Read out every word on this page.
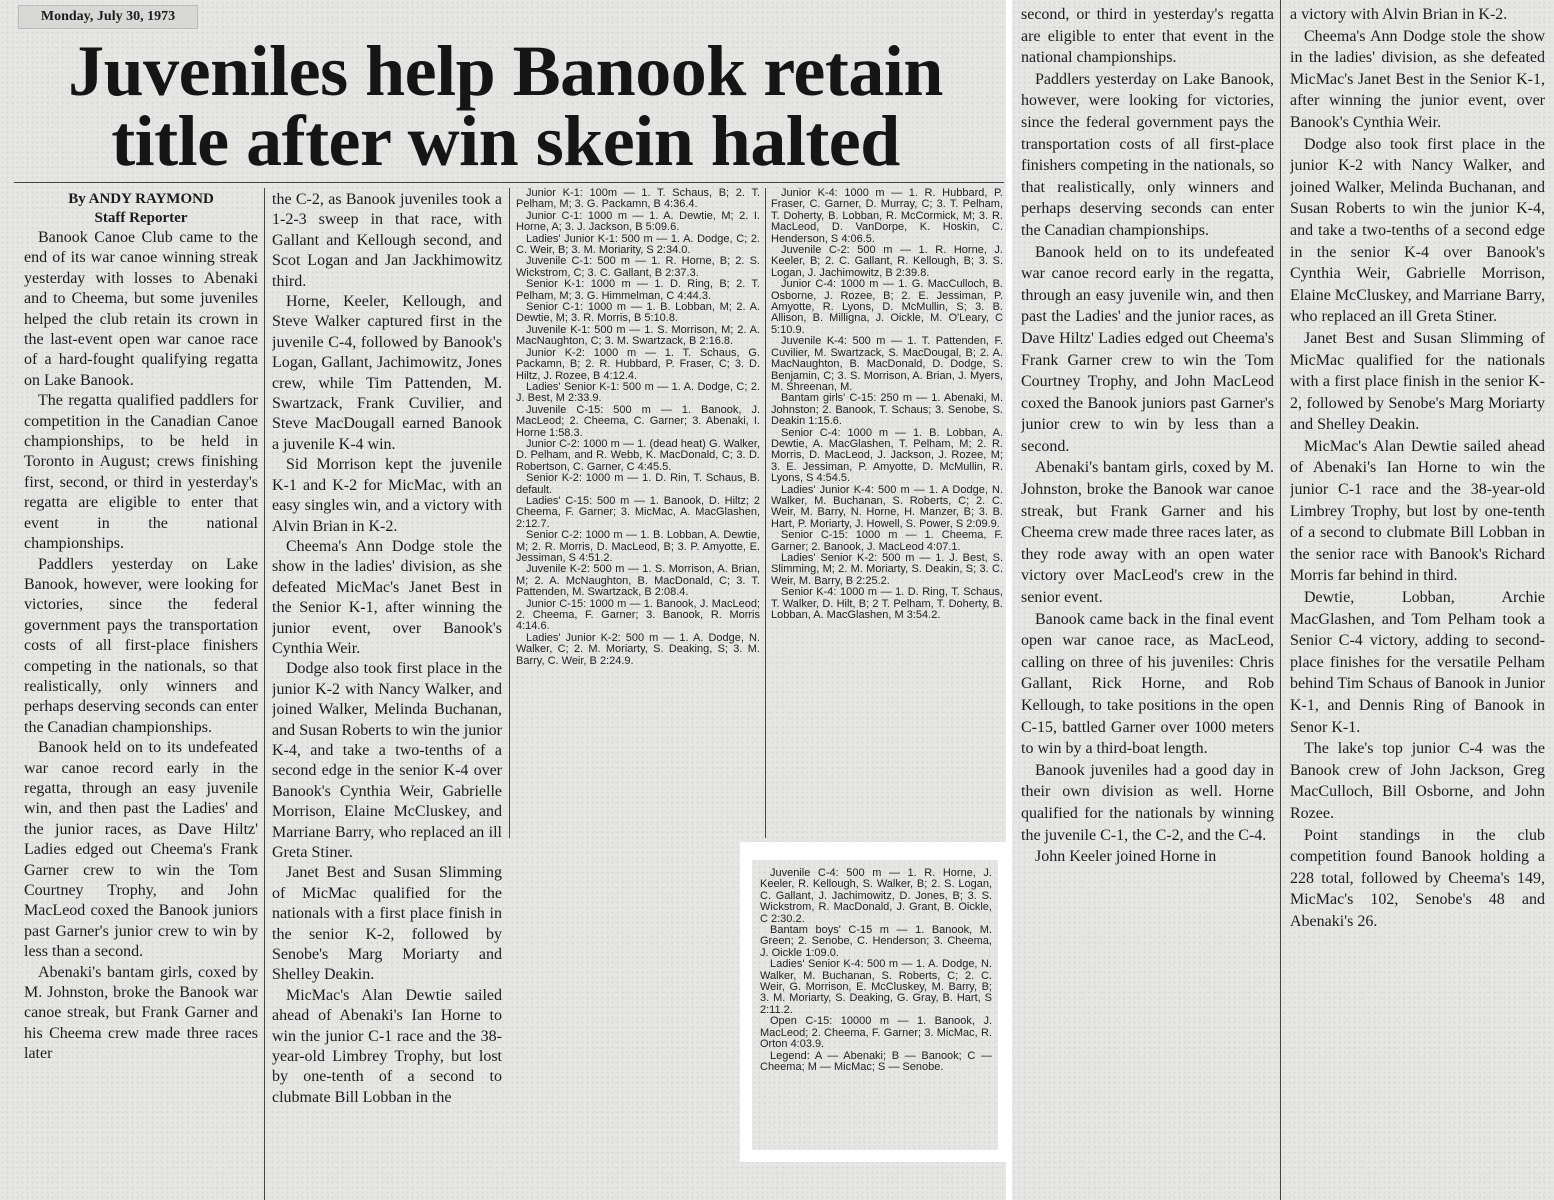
Monday, July 30, 1973
Juveniles help Banook retain
title after win skein halted
By ANDY RAYMOND
Staff Reporter

Banook Canoe Club came to the end of its war canoe winning streak yesterday with losses to Abenaki and to Cheema, but some juveniles helped the club retain its crown in the last-event open war canoe race of a hard-fought qualifying regatta on Lake Banook.

The regatta qualified paddlers for competition in the Canadian Canoe championships, to be held in Toronto in August; crews finishing first, second, or third in yesterday's regatta are eligible to enter that event in the national championships.

Paddlers yesterday on Lake Banook, however, were looking for victories, since the federal government pays the transportation costs of all first-place finishers competing in the nationals, so that realistically, only winners and perhaps deserving seconds can enter the Canadian championships.

Banook held on to its undefeated war canoe record early in the regatta, through an easy juvenile win, and then past the Ladies' and the junior races, as Dave Hiltz' Ladies edged out Cheema's Frank Garner crew to win the Tom Courtney Trophy, and John MacLeod coxed the Banook juniors past Garner's junior crew to win by less than a second.

Abenaki's bantam girls, coxed by M. Johnston, broke the Banook war canoe streak, but Frank Garner and his Cheema crew made three races later

the C-2, as Banook juveniles took a 1-2-3 sweep in that race, with Gallant and Kellough second, and Scot Logan and Jan Jackhimowitz third.

Horne, Keeler, Kellough, and Steve Walker captured first in the juvenile C-4, followed by Banook's Logan, Gallant, Jachimowitz, Jones crew, while Tim Pattenden, M. Swartzack, Frank Cuvilier, and Steve MacDougall earned Banook a juvenile K-4 win.

Sid Morrison kept the juvenile K-1 and K-2 for MicMac, with an easy singles win, and a victory with Alvin Brian in K-2.

Cheema's Ann Dodge stole the show in the ladies' division, as she defeated MicMac's Janet Best in the Senior K-1, after winning the junior event, over Banook's Cynthia Weir.

Dodge also took first place in the junior K-2 with Nancy Walker, and joined Walker, Melinda Buchanan, and Susan Roberts to win the junior K-4, and take a two-tenths of a second edge in the senior K-4 over Banook's Cynthia Weir, Gabrielle Morrison, Elaine McCluskey, and Marriane Barry, who replaced an ill Greta Stiner.

Janet Best and Susan Slimming of MicMac qualified for the nationals with a first place finish in the senior K-2, followed by Senobe's Marg Moriarty and Shelley Deakin.

MicMac's Alan Dewtie sailed ahead of Abenaki's Ian Horne to win the junior C-1 race and the 38-year-old Limbrey Trophy, but lost by one-tenth of a second to clubmate Bill Lobban in the

Junior K-1: 100m — 1. T. Schaus, B; 2. T. Pelham, M; 3. G. Packamn, B 4:36.4.

Junior C-1: 1000 m — 1. A. Dewtie, M; 2. I. Horne, A; 3. J. Jackson, B 5:09.6.

Ladies' Junior K-1: 500 m — 1. A. Dodge, C; 2. C. Weir, B; 3. M. Moriarity, S 2:34.0.

Juvenile C-1: 500 m — 1. R. Horne, B; 2. S. Wickstrom, C; 3. C. Gallant, B 2:37.3.

Senior K-1: 1000 m — 1. D. Ring, B; 2. T. Pelham, M; 3. G. Himmelman, C 4:44.3.

Senior C-1: 1000 m — 1. B. Lobban, M; 2. A. Dewtie, M; 3. R. Morris, B 5:10.8.

Juvenile K-1: 500 m — 1. S. Morrison, M; 2. A. MacNaughton, C; 3. M. Swartzack, B 2:16.8.

Junior K-2: 1000 m — 1. T. Schaus, G. Packamn, B; 2. R. Hubbard, P. Fraser, C; 3. D. Hiltz, J. Rozee, B 4:12.4.

Ladies' Senior K-1: 500 m — 1. A. Dodge, C; 2. J. Best, M 2:33.9.

Juvenile C-15: 500 m — 1. Banook, J. MacLeod; 2. Cheema, C. Garner; 3. Abenaki, I. Horne 1:58.3.

Junior C-2: 1000 m — 1. (dead heat) G. Walker, D. Pelham, and R. Webb, K. MacDonald, C; 3. D. Robertson, C. Garner, C 4:45.5.

Senior K-2: 1000 m — 1. D. Rin, T. Schaus, B. default.

Ladies' C-15: 500 m — 1. Banook, D. Hiltz; 2 Cheema, F. Garner; 3. MicMac, A. MacGlashen, 2:12.7.

Senior C-2: 1000 m — 1. B. Lobban, A. Dewtie, M; 2. R. Morris, D. MacLeod, B; 3. P. Amyotte, E. Jessiman, S 4:51.2.

Juvenile K-2: 500 m — 1. S. Morrison, A. Brian, M; 2. A. McNaughton, B. MacDonald, C; 3. T. Pattenden, M. Swartzack, B 2:08.4.

Junior C-15: 1000 m — 1. Banook, J. MacLeod; 2. Cheema, F. Garner; 3. Banook, R. Morris 4:14.6.

Ladies' Junior K-2: 500 m — 1. A. Dodge, N. Walker, C; 2. M. Moriarty, S. Deaking, S; 3. M. Barry, C. Weir, B 2:24.9.

Junior K-4: 1000 m — 1. R. Hubbard, P. Fraser, C. Garner, D. Murray, C; 3. T. Pelham, T. Doherty, B. Lobban, R. McCormick, M; 3. R. MacLeod, D. VanDorpe, K. Hoskin, C. Henderson, S 4:06.5.

Juvenile C-2: 500 m — 1. R. Horne, J. Keeler, B; 2. C. Gallant, R. Kellough, B; 3. S. Logan, J. Jachimowitz, B 2:39.8.

Junior C-4: 1000 m — 1. G. MacCulloch, B. Osborne, J. Rozee, B; 2. E. Jessiman, P. Amyotte, R. Lyons, D. McMullin, S; 3. B. Allison, B. Milligna, J. Oickle, M. O'Leary, C 5:10.9.

Juvenile K-4: 500 m — 1. T. Pattenden, F. Cuvilier, M. Swartzack, S. MacDougal, B; 2. A. MacNaughton, B. MacDonald, D. Dodge, S. Benjamin, C; 3. S. Morrison, A. Brian, J. Myers, M. Shreenan, M.

Bantam girls' C-15: 250 m — 1. Abenaki, M. Johnston; 2. Banook, T. Schaus; 3. Senobe, S. Deakin 1:15.6.

Senior C-4: 1000 m — 1. B. Lobban, A. Dewtie, A. MacGlashen, T. Pelham, M; 2. R. Morris, D. MacLeod, J. Jackson, J. Rozee, M; 3. E. Jessiman, P. Amyotte, D. McMullin, R. Lyons, S 4:54.5.

Ladies' Junior K-4: 500 m — 1. A Dodge, N. Walker, M. Buchanan, S. Roberts, C; 2. C. Weir, M. Barry, N. Horne, H. Manzer, B; 3. B. Hart, P. Moriarty, J. Howell, S. Power, S 2:09.9.

Senior C-15: 1000 m — 1. Cheema, F. Garner; 2. Banook, J. MacLeod 4:07.1.

Ladies' Senior K-2: 500 m — 1. J. Best, S. Slimming, M; 2. M. Moriarty, S. Deakin, S; 3. C. Weir, M. Barry, B 2:25.2.

Senior K-4: 1000 m — 1. D. Ring, T. Schaus, T. Walker, D. Hilt, B; 2 T. Pelham, T. Doherty, B. Lobban, A. MacGlashen, M 3:54.2.

Juvenile C-4: 500 m — 1. R. Horne, J. Keeler, R. Kellough, S. Walker, B; 2. S. Logan, C. Gallant, J. Jachimowitz, D. Jones, B; 3. S. Wickstrom, R. MacDonald, J. Grant, B. Oickle, C 2:30.2.

Bantam boys' C-15 m — 1. Banook, M. Green; 2. Senobe, C. Henderson; 3. Cheema, J. Oickle 1:09.0.

Ladies' Senior K-4: 500 m — 1. A. Dodge, N. Walker, M. Buchanan, S. Roberts, C; 2. C. Weir, G. Morrison, E. McCluskey, M. Barry, B; 3. M. Moriarty, S. Deaking, G. Gray, B. Hart, S 2:11.2.

Open C-15: 10000 m — 1. Banook, J. MacLeod; 2. Cheema, F. Garner; 3. MicMac, R. Orton 4:03.9.

Legend: A — Abenaki; B — Banook; C — Cheema; M — MicMac; S — Senobe.

second, or third in yesterday's regatta are eligible to enter that event in the national championships.

Paddlers yesterday on Lake Banook, however, were looking for victories, since the federal government pays the transportation costs of all first-place finishers competing in the nationals, so that realistically, only winners and perhaps deserving seconds can enter the Canadian championships.

Banook held on to its undefeated war canoe record early in the regatta, through an easy juvenile win, and then past the Ladies' and the junior races, as Dave Hiltz' Ladies edged out Cheema's Frank Garner crew to win the Tom Courtney Trophy, and John MacLeod coxed the Banook juniors past Garner's junior crew to win by less than a second.

Abenaki's bantam girls, coxed by M. Johnston, broke the Banook war canoe streak, but Frank Garner and his Cheema crew made three races later, as they rode away with an open water victory over MacLeod's crew in the senior event.

Banook came back in the final event open war canoe race, as MacLeod, calling on three of his juveniles: Chris Gallant, Rick Horne, and Rob Kellough, to take positions in the open C-15, battled Garner over 1000 meters to win by a third-boat length.

Banook juveniles had a good day in their own division as well. Horne qualified for the nationals by winning the juvenile C-1, the C-2, and the C-4.

John Keeler joined Horne in

a victory with Alvin Brian in K-2.

Cheema's Ann Dodge stole the show in the ladies' division, as she defeated MicMac's Janet Best in the Senior K-1, after winning the junior event, over Banook's Cynthia Weir.

Dodge also took first place in the junior K-2 with Nancy Walker, and joined Walker, Melinda Buchanan, and Susan Roberts to win the junior K-4, and take a two-tenths of a second edge in the senior K-4 over Banook's Cynthia Weir, Gabrielle Morrison, Elaine McCluskey, and Marriane Barry, who replaced an ill Greta Stiner.

Janet Best and Susan Slimming of MicMac qualified for the nationals with a first place finish in the senior K-2, followed by Senobe's Marg Moriarty and Shelley Deakin.

MicMac's Alan Dewtie sailed ahead of Abenaki's Ian Horne to win the junior C-1 race and the 38-year-old Limbrey Trophy, but lost by one-tenth of a second to clubmate Bill Lobban in the senior race with Banook's Richard Morris far behind in third.

Dewtie, Lobban, Archie MacGlashen, and Tom Pelham took a Senior C-4 victory, adding to second-place finishes for the versatile Pelham behind Tim Schaus of Banook in Junior K-1, and Dennis Ring of Banook in Senor K-1.

The lake's top junior C-4 was the Banook crew of John Jackson, Greg MacCulloch, Bill Osborne, and John Rozee.

Point standings in the club competition found Banook holding a 228 total, followed by Cheema's 149, MicMac's 102, Senobe's 48 and Abenaki's 26.
